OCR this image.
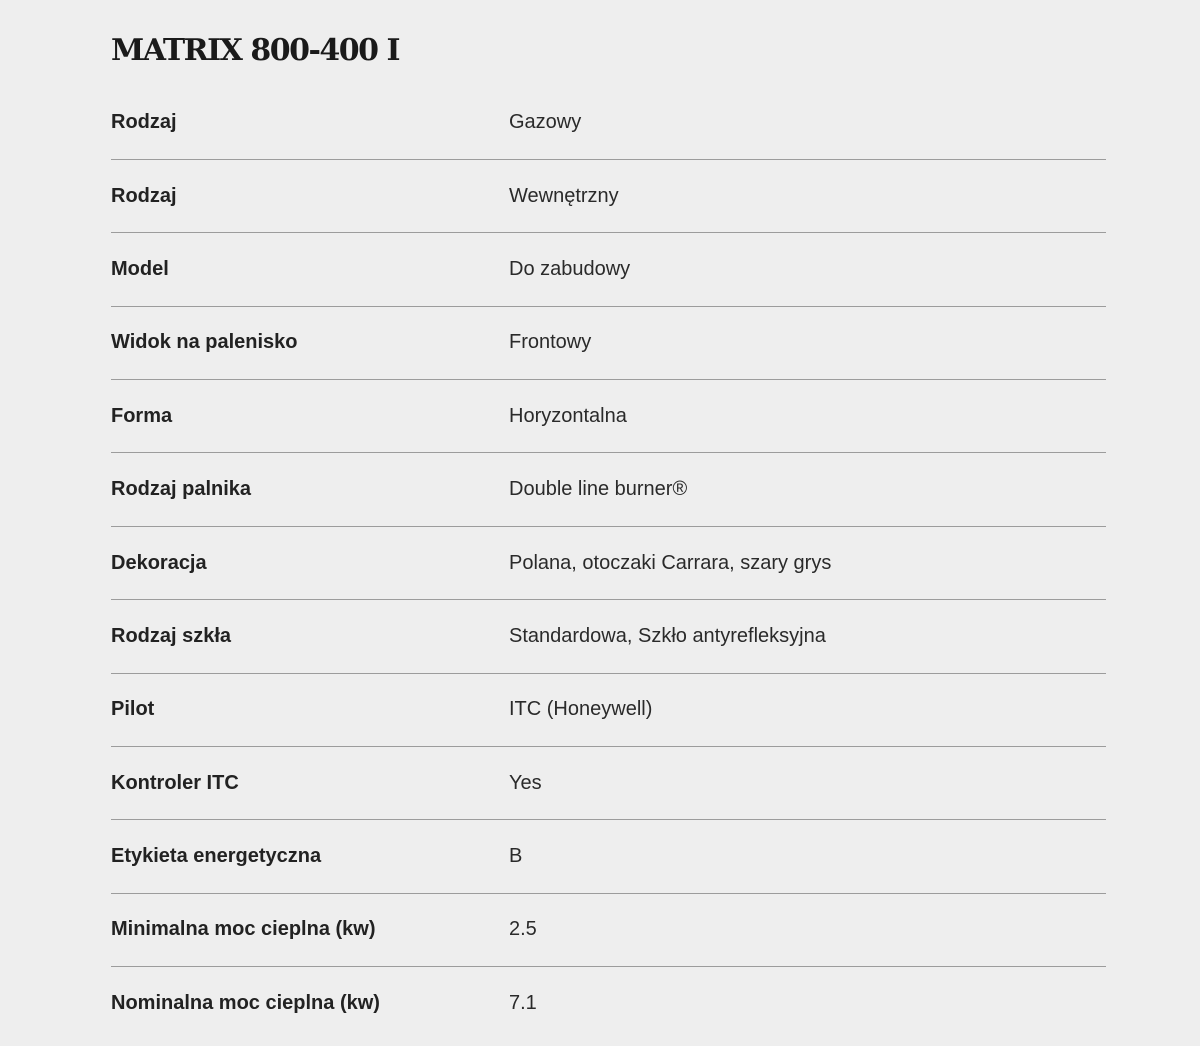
MATRIX 800-400 I
Rodzaj	Gazowy
Rodzaj	Wewnętrzny
Model	Do zabudowy
Widok na palenisko	Frontowy
Forma	Horyzontalna
Rodzaj palnika	Double line burner®
Dekoracja	Polana, otoczaki Carrara, szary grys
Rodzaj szkła	Standardowa, Szkło antyrefleksyjna
Pilot	ITC (Honeywell)
Kontroler ITC	Yes
Etykieta energetyczna	B
Minimalna moc cieplna (kw)	2.5
Nominalna moc cieplna (kw)	7.1
